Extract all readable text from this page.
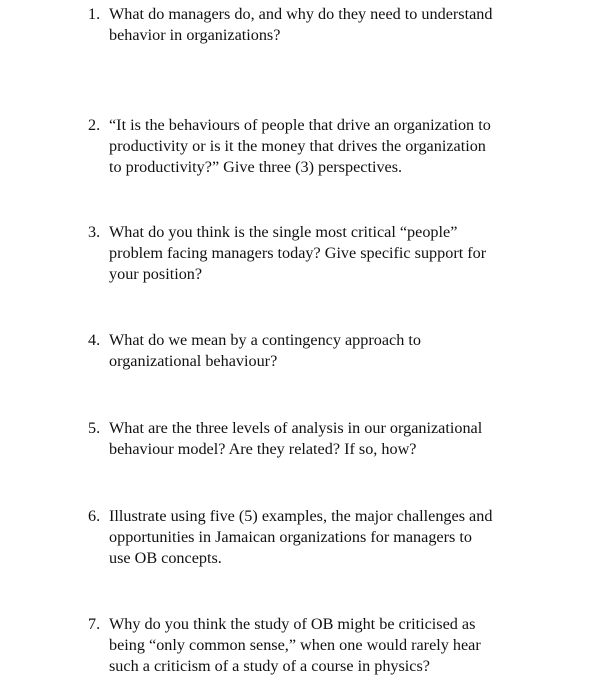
1. What do managers do, and why do they need to understand
behavior in organizations?
2. “It is the behaviours of people that drive an organization to
productivity or is it the money that drives the organization
to productivity?” Give three (3) perspectives.
3. What do you think is the single most critical “people”
problem facing managers today? Give specific support for
your position?
4. What do we mean by a contingency approach to
organizational behaviour?
5. What are the three levels of analysis in our organizational
behaviour model? Are they related? If so, how?
6. Illustrate using five (5) examples, the major challenges and
opportunities in Jamaican organizations for managers to
use OB concepts.
7. Why do you think the study of OB might be criticised as
being “only common sense,” when one would rarely hear
such a criticism of a study of a course in physics?
